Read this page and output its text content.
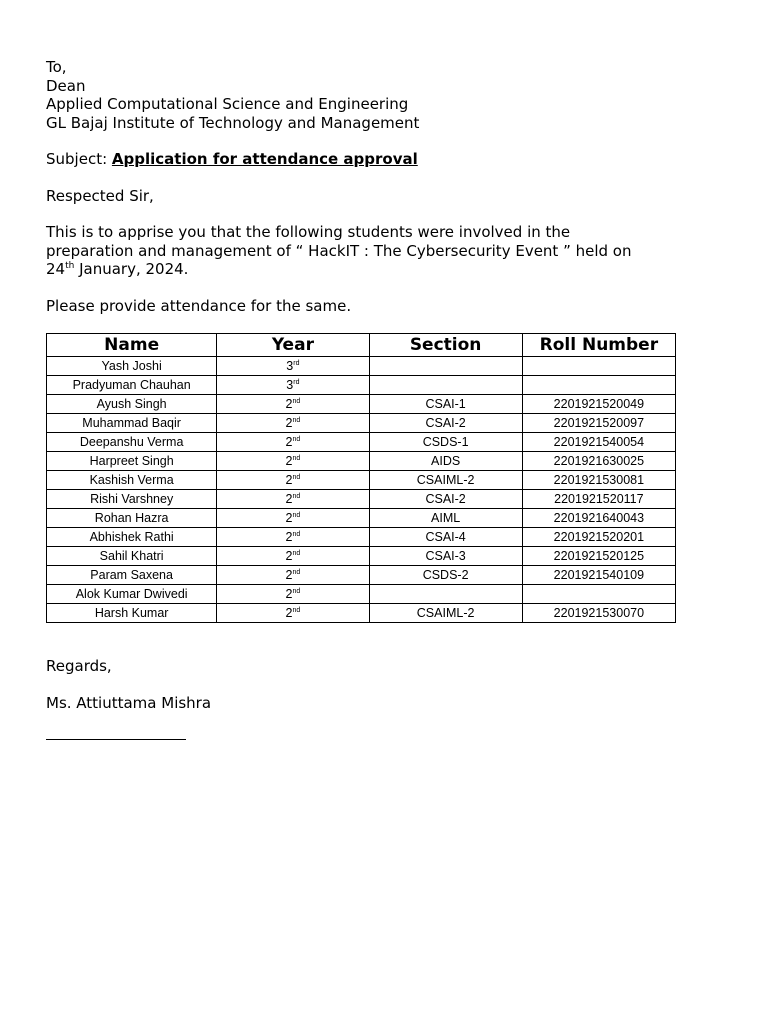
To,
Dean
Applied Computational Science and Engineering
GL Bajaj Institute of Technology and Management
Subject: Application for attendance approval
Respected Sir,
This is to apprise you that the following students were involved in the
preparation and management of “ HackIT : The Cybersecurity Event ” held on
24th January, 2024.
Please provide attendance for the same.
Name	Year	Section	Roll Number
Yash Joshi	3rd		
Pradyuman Chauhan	3rd		
Ayush Singh	2nd	CSAI-1	2201921520049
Muhammad Baqir	2nd	CSAI-2	2201921520097
Deepanshu Verma	2nd	CSDS-1	2201921540054
Harpreet Singh	2nd	AIDS	2201921630025
Kashish Verma	2nd	CSAIML-2	2201921530081
Rishi Varshney	2nd	CSAI-2	2201921520117
Rohan Hazra	2nd	AIML	2201921640043
Abhishek Rathi	2nd	CSAI-4	2201921520201
Sahil Khatri	2nd	CSAI-3	2201921520125
Param Saxena	2nd	CSDS-2	2201921540109
Alok Kumar Dwivedi	2nd		
Harsh Kumar	2nd	CSAIML-2	2201921530070
Regards,
Ms. Attiuttama Mishra
